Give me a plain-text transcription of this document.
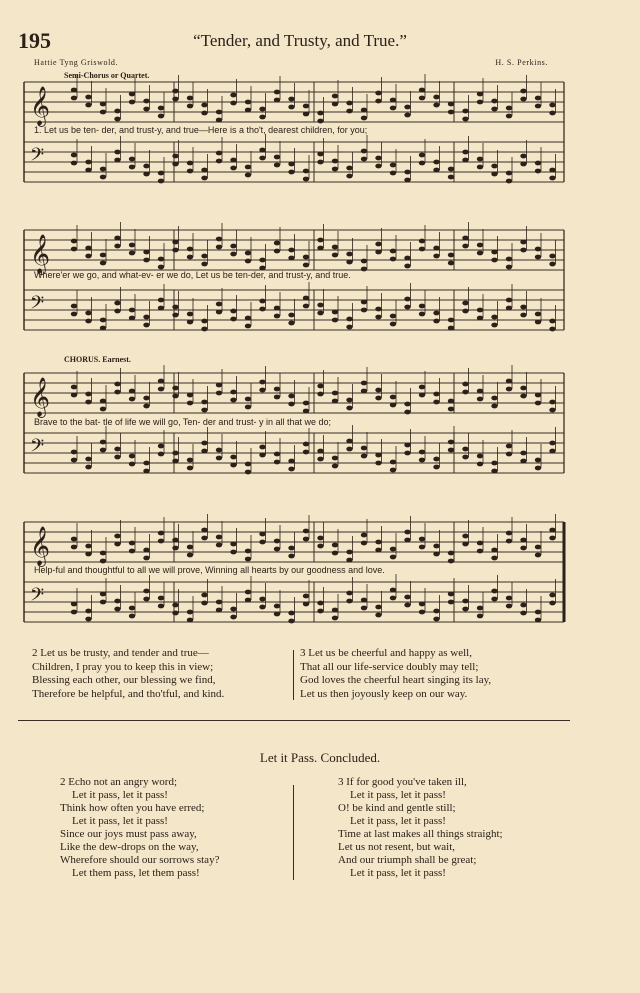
195	“Tender, and Trusty, and True.”
Hattie Tyng Griswold.	H. S. Perkins.
Semi-Chorus or Quartet.
𝄞
𝄢
1. Let us be ten- der, and trust-y, and true—Here is a tho't, dearest children, for you;
𝄞
𝄢
Where'er we go, and what-ev- er we do, Let us be ten-der, and trust-y, and true.
CHORUS. Earnest.
𝄞
𝄢
Brave to the bat- tle of life we will go, Ten- der and trust- y in all that we do;
𝄞
𝄢
Help-ful and thoughtful to all we will prove, Winning all hearts by our goodness and love.
2 Let us be trusty, and tender and true—
Children, I pray you to keep this in view;
Blessing each other, our blessing we find,
Therefore be helpful, and tho'tful, and kind.
3 Let us be cheerful and happy as well,
That all our life-service doubly may tell;
God loves the cheerful heart singing its lay,
Let us then joyously keep on our way.
Let it Pass. Concluded.
2 Echo not an angry word;
Let it pass, let it pass!
Think how often you have erred;
Let it pass, let it pass!
Since our joys must pass away,
Like the dew-drops on the way,
Wherefore should our sorrows stay?
Let them pass, let them pass!
3 If for good you've taken ill,
Let it pass, let it pass!
O! be kind and gentle still;
Let it pass, let it pass!
Time at last makes all things straight;
Let us not resent, but wait,
And our triumph shall be great;
Let it pass, let it pass!
